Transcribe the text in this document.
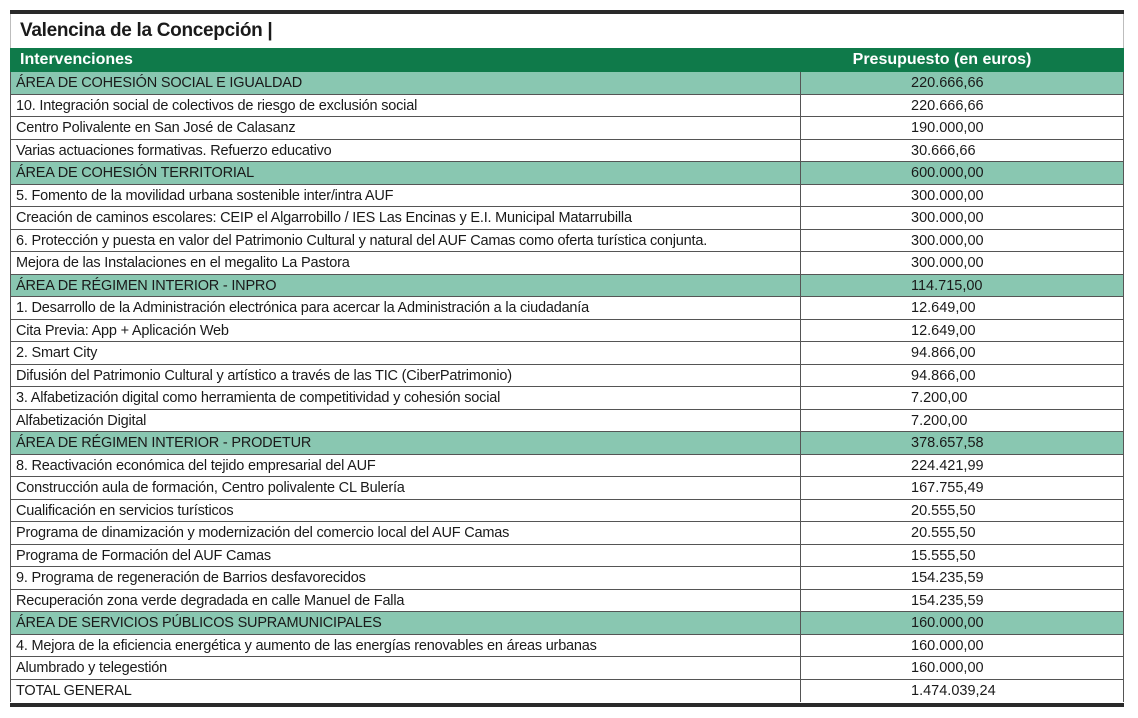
Valencina de la Concepción |
Intervenciones	Presupuesto (en euros)
ÁREA DE COHESIÓN SOCIAL E IGUALDAD	220.666,66
10. Integración social de colectivos de riesgo de exclusión social	220.666,66
Centro Polivalente en San José de Calasanz	190.000,00
Varias actuaciones formativas. Refuerzo educativo	30.666,66
ÁREA DE COHESIÓN TERRITORIAL	600.000,00
5. Fomento de la movilidad urbana sostenible inter/intra AUF	300.000,00
Creación de caminos escolares: CEIP el Algarrobillo / IES Las Encinas y E.I. Municipal Matarrubilla	300.000,00
6. Protección y puesta en valor del Patrimonio Cultural y natural del AUF Camas como oferta turística conjunta.	300.000,00
Mejora de las Instalaciones en el megalito La Pastora	300.000,00
ÁREA DE RÉGIMEN INTERIOR - INPRO	114.715,00
1. Desarrollo de la Administración electrónica para acercar la Administración a la ciudadanía	12.649,00
Cita Previa: App + Aplicación Web	12.649,00
2. Smart City	94.866,00
Difusión del Patrimonio Cultural y artístico a través de las TIC (CiberPatrimonio)	94.866,00
3. Alfabetización digital como herramienta de competitividad y cohesión social	7.200,00
Alfabetización Digital	7.200,00
ÁREA DE RÉGIMEN INTERIOR - PRODETUR	378.657,58
8. Reactivación económica del tejido empresarial del AUF	224.421,99
Construcción aula de formación, Centro polivalente CL Bulería	167.755,49
Cualificación en servicios turísticos	20.555,50
Programa de dinamización y modernización del comercio local del AUF Camas	20.555,50
Programa de Formación del AUF Camas	15.555,50
9. Programa de regeneración de Barrios desfavorecidos	154.235,59
Recuperación zona verde degradada en calle Manuel de Falla	154.235,59
ÁREA DE SERVICIOS PÚBLICOS SUPRAMUNICIPALES	160.000,00
4. Mejora de la eficiencia energética y aumento de las energías renovables en áreas urbanas	160.000,00
Alumbrado y telegestión	160.000,00
TOTAL GENERAL	1.474.039,24
